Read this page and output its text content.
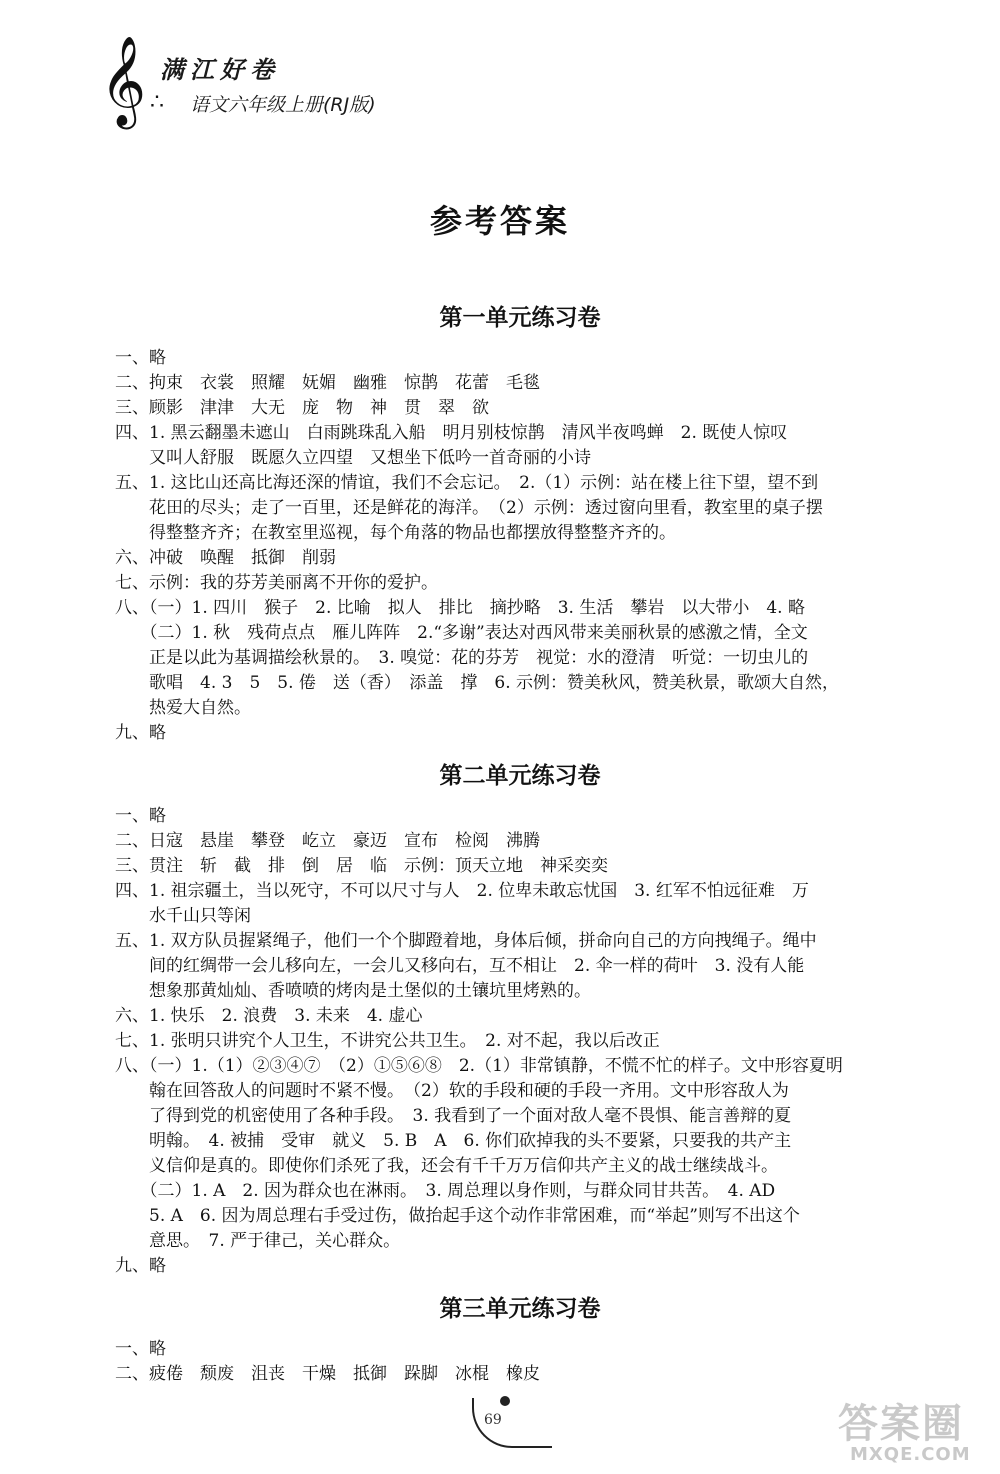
𝄞 满江好卷
∴ 语文六年级上册(RJ版)
参考答案
第一单元练习卷
一、略
二、拘束　衣裳　照耀　妩媚　幽雅　惊鹊　花蕾　毛毯
三、顾影　津津　大无　庞　物　神　贯　翠　欲
四、1. 黑云翻墨未遮山　白雨跳珠乱入船　明月别枝惊鹊　清风半夜鸣蝉　2. 既使人惊叹
　　又叫人舒服　既愿久立四望　又想坐下低吟一首奇丽的小诗
五、1. 这比山还高比海还深的情谊，我们不会忘记。　2.（1）示例：站在楼上往下望，望不到
　　花田的尽头；走了一百里，还是鲜花的海洋。　（2）示例：透过窗向里看，教室里的桌子摆
　　得整整齐齐；在教室里巡视，每个角落的物品也都摆放得整整齐齐的。
六、冲破　唤醒　抵御　削弱
七、示例：我的芬芳美丽离不开你的爱护。
八、（一）1. 四川　猴子　2. 比喻　拟人　排比　摘抄略　3. 生活　攀岩　以大带小　4. 略
　　（二）1. 秋　残荷点点　雁儿阵阵　2.“多谢”表达对西风带来美丽秋景的感激之情，全文
　　正是以此为基调描绘秋景的。　3. 嗅觉：花的芬芳　视觉：水的澄清　听觉：一切虫儿的
　　歌唱　4. 3　5　5. 倦　送（香）　添盖　撑　6. 示例：赞美秋风，赞美秋景，歌颂大自然，
　　热爱大自然。
九、略
第二单元练习卷
一、略
二、日寇　悬崖　攀登　屹立　豪迈　宣布　检阅　沸腾
三、贯注　斩　截　排　倒　居　临　示例：顶天立地　神采奕奕
四、1. 祖宗疆土，当以死守，不可以尺寸与人　2. 位卑未敢忘忧国　3. 红军不怕远征难　万
　　水千山只等闲
五、1. 双方队员握紧绳子，他们一个个脚蹬着地，身体后倾，拼命向自己的方向拽绳子。绳中
　　间的红绸带一会儿移向左，一会儿又移向右，互不相让　2. 伞一样的荷叶　3. 没有人能
　　想象那黄灿灿、香喷喷的烤肉是土堡似的土镶坑里烤熟的。
六、1. 快乐　2. 浪费　3. 未来　4. 虚心
七、1. 张明只讲究个人卫生，不讲究公共卫生。　2. 对不起，我以后改正
八、（一）1.（1）②③④⑦　（2）①⑤⑥⑧　2.（1）非常镇静，不慌不忙的样子。文中形容夏明
　　翰在回答敌人的问题时不紧不慢。　（2）软的手段和硬的手段一齐用。文中形容敌人为
　　了得到党的机密使用了各种手段。　3. 我看到了一个面对敌人毫不畏惧、能言善辩的夏
　　明翰。　4. 被捕　受审　就义　5. B　A　6. 你们砍掉我的头不要紧，只要我的共产主
　　义信仰是真的。即使你们杀死了我，还会有千千万万信仰共产主义的战士继续战斗。
　　（二）1. A　2. 因为群众也在淋雨。　3. 周总理以身作则，与群众同甘共苦。　4. AD
　　5. A　6. 因为周总理右手受过伤，做抬起手这个动作非常困难，而“举起”则写不出这个
　　意思。　7. 严于律己，关心群众。
九、略
第三单元练习卷
一、略
二、疲倦　颓废　沮丧　干燥　抵御　跺脚　冰棍　橡皮
69	答案圈
MXQE.COM
